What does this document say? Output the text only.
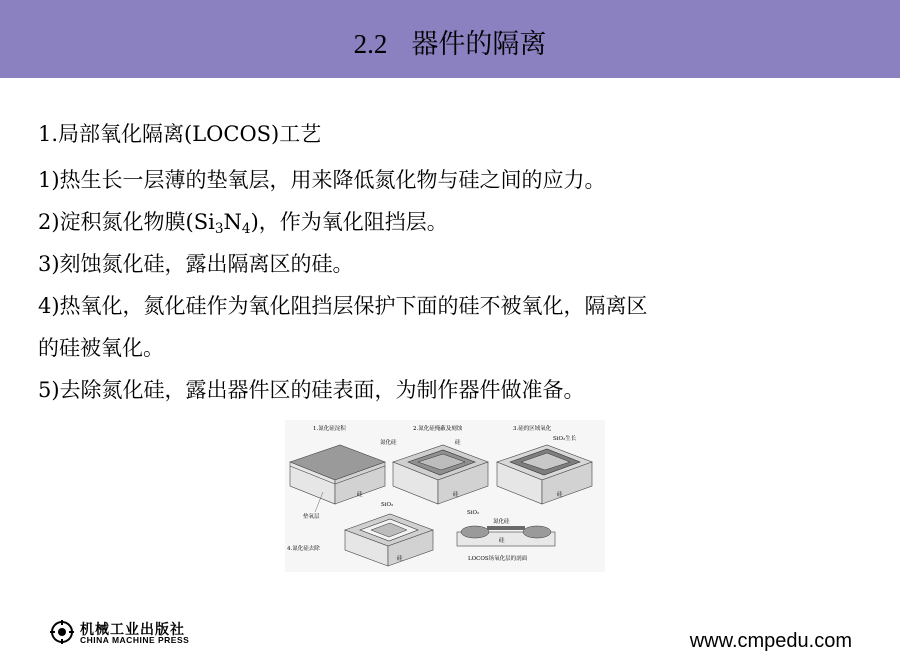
2.2 器件的隔离
1.局部氧化隔离(LOCOS)工艺
1)热生长一层薄的垫氧层，用来降低氮化物与硅之间的应力。
2)淀积氮化物膜$(Si_3N_4)$，作为氧化阻挡层。
3)刻蚀氮化硅，露出隔离区的硅。
4)热氧化，氮化硅作为氧化阻挡层保护下面的硅不被氧化，隔离区
的硅被氧化。
5)去除氮化硅，露出器件区的硅表面，为制作器件做准备。
1.氮化硅淀积
硅
垫氧层
2.氮化硅掩蔽及刻蚀
氮化硅	硅
硅
3.硅的区域氧化
SiO₂生长
硅
SiO₂
4.氮化硅去除
硅
SiO₂
氮化硅
硅
LOCOS场氧化层的剖面
机械工业出版社
CHINA MACHINE PRESS	www.cmpedu.com
